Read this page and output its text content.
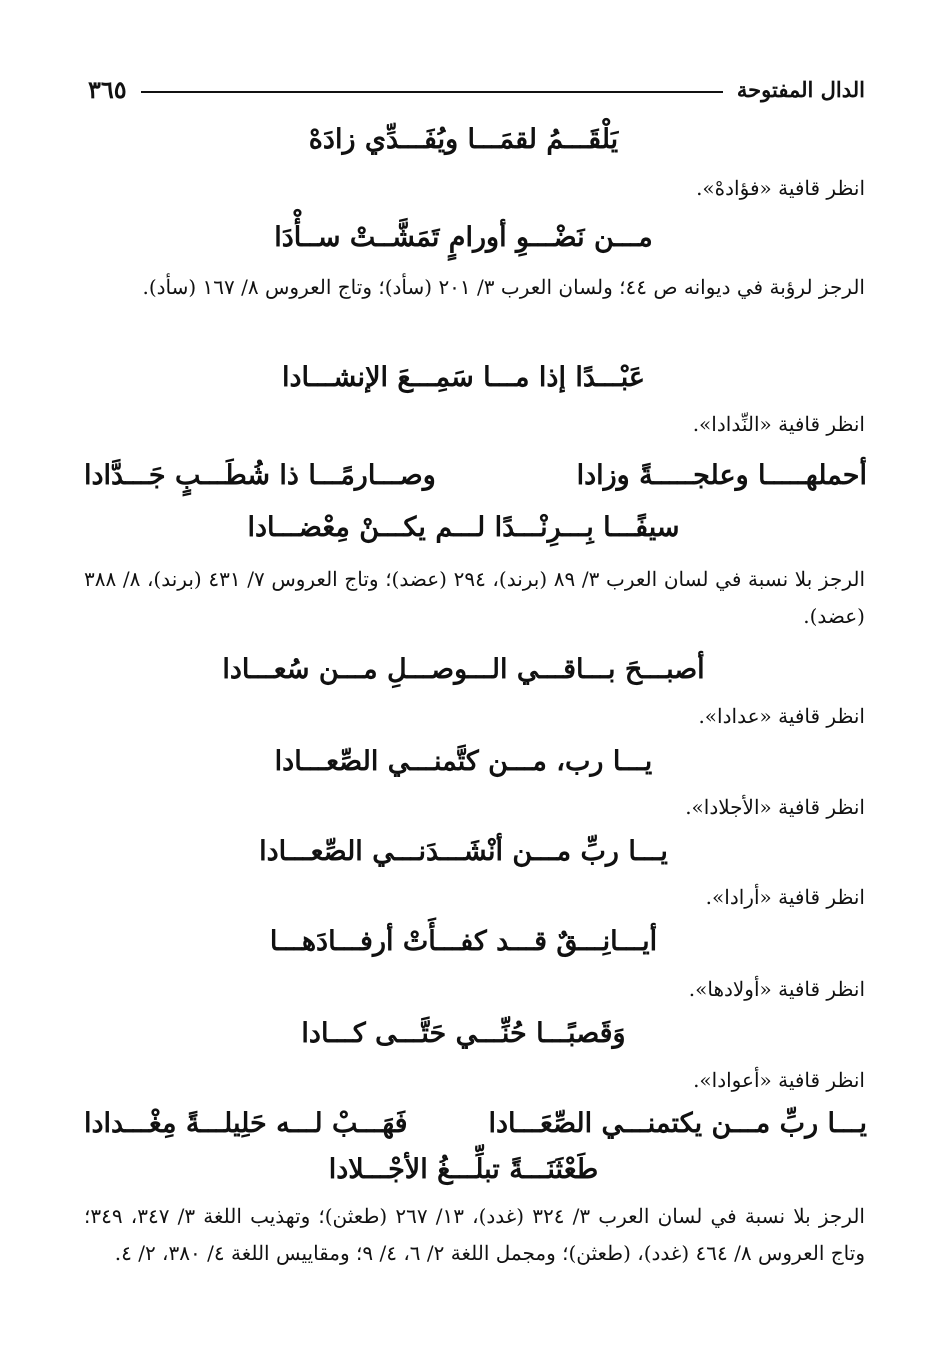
الدال المفتوحة
٣٦٥
يَلْقَـــمُ لقمَـــا ويُفَـــدِّي زادَهْ
انظر قافية «فؤادهْ».
مـــن نَضْـــوِ أورامٍ تَمَشَّــتْ ســأْدَا
الرجز لرؤبة في ديوانه ص ٤٤؛ ولسان العرب ٣/ ٢٠١ (سأد)؛ وتاج العروس ٨/ ١٦٧ (سأد).
عَبْـــدًا إذا مـــا سَمِـــعَ الإنشـــادا
انظر قافية «النِّدادا».
أحملهـــــا وعلجـــــةً وزادا
وصـــارمًـــا ذا شُطَـــبٍ جَـــدَّادا
سيفًـــا بِـــرِنْـــدًا لـــم يكـــنْ مِعْضـــادا
الرجز بلا نسبة في لسان العرب ٣/ ٨٩ (برند)، ٢٩٤ (عضد)؛ وتاج العروس ٧/ ٤٣١ (برند)، ٨/ ٣٨٨ (عضد).
أصبـــحَ بـــاقـــي الـــوصـــلِ مـــن سُعـــادا
انظر قافية «عدادا».
يـــا رب، مـــن كتَّمنـــي الصِّعـــادا
انظر قافية «الأجلادا».
يـــا ربِّ مـــن أنْشَـــدَنـــي الصِّعـــادا
انظر قافية «أرادا».
أيـــانِـــقٌ قـــد كفـــأَتْ أرفـــادَهـــا
انظر قافية «أولادها».
وَقَصبًـــا حُنِّـــي حَتَّـــى كـــادا
انظر قافية «أعوادا».
يـــا ربِّ مـــن يكتمنـــي الصِّعَـــادا
فَهَـــبْ لـــه حَلِيلـــةً مِغْـــدادا
طَعْثَنَـــةً تبلِّـــغُ الأجْـــلادا
الرجز بلا نسبة في لسان العرب ٣/ ٣٢٤ (غدد)، ١٣/ ٢٦٧ (طعثن)؛ وتهذيب اللغة ٣/ ٣٤٧، ٣٤٩؛ وتاج العروس ٨/ ٤٦٤ (غدد)، (طعثن)؛ ومجمل اللغة ٢/ ٦، ٤/ ٩؛ ومقاييس اللغة ٤/ ٣٨٠، ٢/ ٤.
